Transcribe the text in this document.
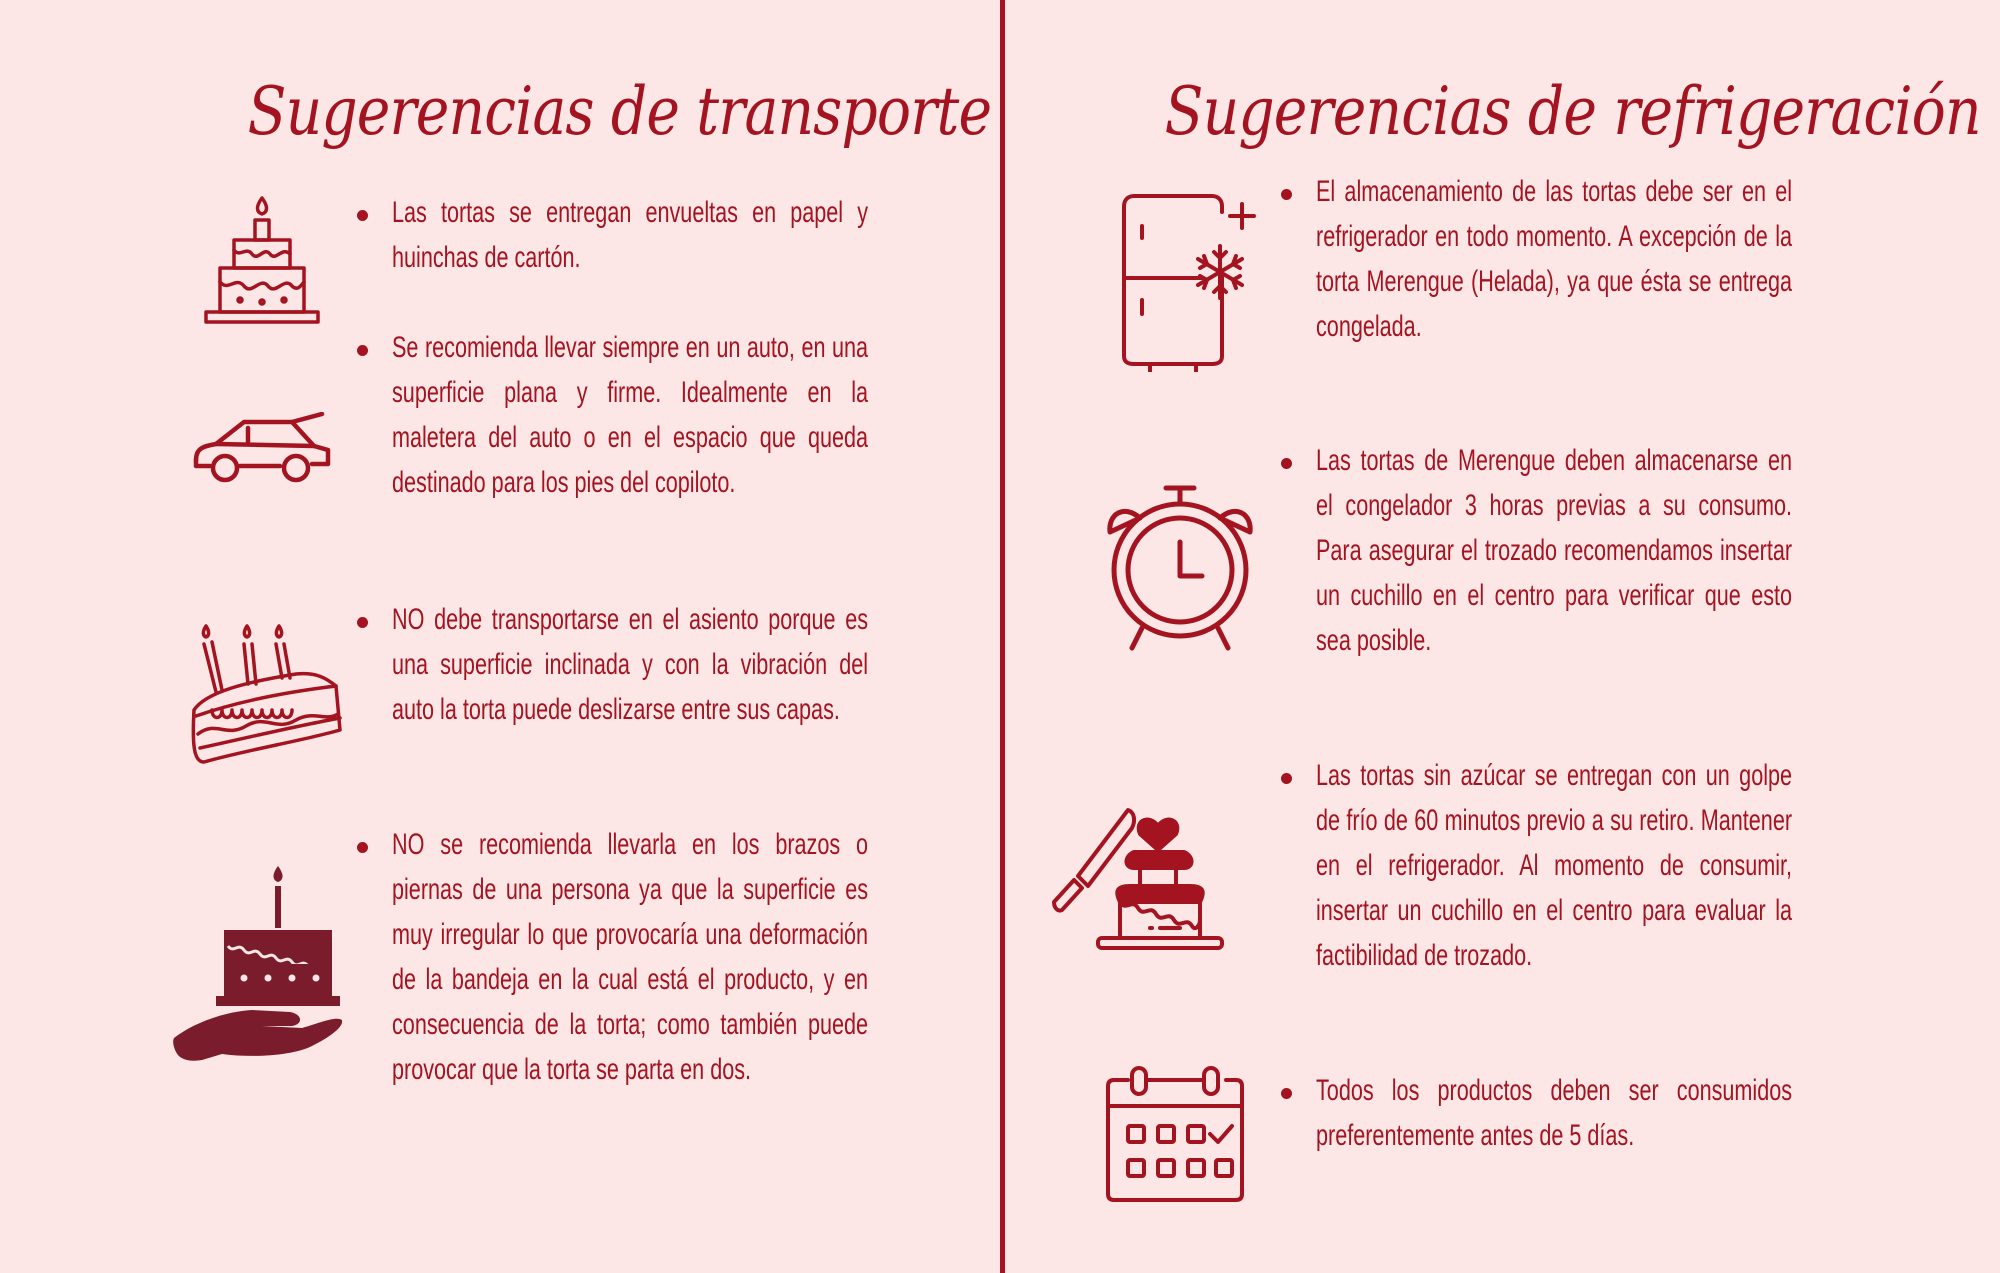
Sugerencias de transporte
Las tortas se entregan envueltas en papel y huinchas de cartón.
Se recomienda llevar siempre en un auto, en una superficie plana y firme. Idealmente en la maletera del auto o en el espacio que queda destinado para los pies del copiloto.
NO debe transportarse en el asiento porque es una superficie inclinada y con la vibración del auto la torta puede deslizarse entre sus capas.
NO se recomienda llevarla en los brazos o piernas de una persona ya que la superficie es muy irregular lo que provocaría una deformación de la bandeja en la cual está el producto, y en consecuencia de la torta; como también puede provocar que la torta se parta en dos.
Sugerencias de refrigeración
El almacenamiento de las tortas debe ser en el refrigerador en todo momento. A excepción de la torta Merengue (Helada), ya que ésta se entrega congelada.
Las tortas de Merengue deben almacenarse en el congelador 3 horas previas a su consumo. Para asegurar el trozado recomendamos insertar un cuchillo en el centro para verificar que esto sea posible.
Las tortas sin azúcar se entregan con un golpe de frío de 60 minutos previo a su retiro. Mantener en el refrigerador. Al momento de consumir, insertar un cuchillo en el centro para evaluar la factibilidad de trozado.
Todos los productos deben ser consumidos preferentemente antes de 5 días.
